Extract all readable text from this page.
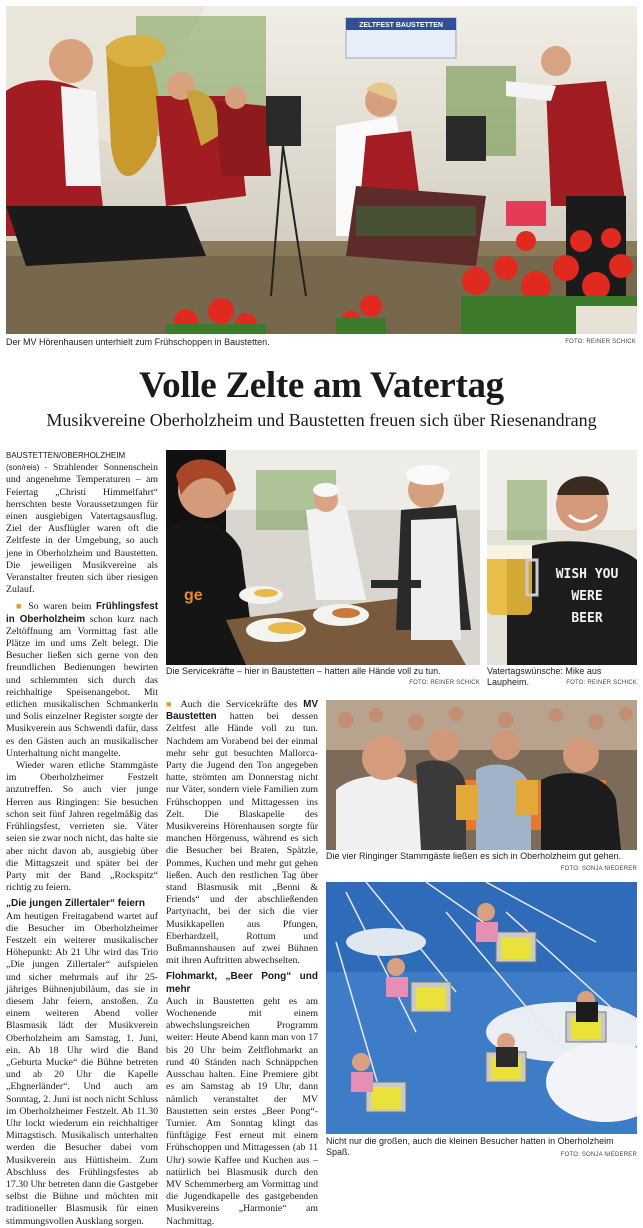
ZELTFEST BAUSTETTEN
Der MV Hörenhausen unterhielt zum Frühschoppen in Baustetten.	FOTO: REINER SCHICK
Volle Zelte am Vatertag
Musikvereine Oberholzheim und Baustetten freuen sich über Riesenandrang

BAUSTETTEN/OBERHOLZHEIM
(son/reis) - Strahlender Sonnenschein und angenehme Temperaturen – am Feiertag „Christi Himmelfahrt“ herrschten beste Voraussetzungen für einen ausgiebigen Vatertagsausflug. Ziel der Ausflügler waren oft die Zeltfeste in der Umgebung, so auch jene in Oberholzheim und Baustetten. Die jeweiligen Musikvereine als Veranstalter freuten sich über riesigen Zulauf.

■ So waren beim Frühlingsfest in Oberholzheim schon kurz nach Zeltöffnung am Vormittag fast alle Plätze im und ums Zelt belegt. Die Besucher ließen sich gerne von den freundlichen Bedienungen bewirten und schlemmten sich durch das reichhaltige Speisenangebot. Mit etlichen musikalischen Schmankerln und Solis einzelner Register sorgte der Musikverein aus Schwendi dafür, dass es den Gästen auch an musikalischer Unterhaltung nicht mangelte.

Wieder waren etliche Stammgäste im Oberholzheimer Festzelt anzutreffen. So auch vier junge Herren aus Ringingen: Sie besuchen schon seit fünf Jahren regelmäßig das Frühlingsfest, verrieten sie. Väter seien sie zwar noch nicht, das halte sie aber nicht davon ab, ausgiebig über die Mittagszeit und später bei der Party mit der Band „Rockspitz“ richtig zu feiern.

„Die jungen Zillertaler“ feiern

Am heutigen Freitagabend wartet auf die Besucher im Oberholzheimer Festzelt ein weiterer musikalischer Höhepunkt: Ab 21 Uhr wird das Trio „Die jungen Zillertaler“ aufspielen und sicher mehrmals auf ihr 25-jähriges Bühnenjubiläum, das sie in diesem Jahr feiern, anstoßen. Zu einem weiteren Abend voller Blasmusik lädt der Musikverein Oberholzheim am Samstag, 1. Juni, ein. Ab 18 Uhr wird die Band „Geburta Mucke“ die Bühne betreten und ab 20 Uhr die Kapelle „Ehgnerländer“. Und auch am Sonntag, 2. Juni ist noch nicht Schluss im Oberholzheimer Festzelt. Ab 11.30 Uhr lockt wiederum ein reichhaltiger Mittagstisch. Musikalisch unterhalten werden die Besucher dabei vom Musikverein aus Hüttisheim. Zum Abschluss des Frühlingsfestes ab 17.30 Uhr betreten dann die Gastgeber selbst die Bühne und möchten mit traditioneller Blasmusik für einen stimmungsvollen Ausklang sorgen.

ge
Die Servicekräfte – hier in Baustetten – hatten alle Hände voll zu tun.
FOTO: REINER SCHICK
WISH YOU
WERE
BEER
Vatertagswünsche: Mike aus Laupheim.	FOTO: REINER SCHICK

■ Auch die Servicekräfte des MV Baustetten hatten bei dessen Zeltfest alle Hände voll zu tun. Nachdem am Vorabend bei der einmal mehr sehr gut besuchten Mallorca-Party die Jugend den Ton angegeben hatte, strömten am Donnerstag nicht nur Väter, sondern viele Familien zum Frühschoppen und Mittagessen ins Zelt. Die Blaskapelle des Musikvereins Hörenhausen sorgte für manchen Hörgenuss, während es sich die Besucher bei Braten, Spätzle, Pommes, Kuchen und mehr gut gehen ließen. Auch den restlichen Tag über stand Blasmusik mit „Benni & Friends“ und der abschließenden Partynacht, bei der sich die vier Musikkapellen aus Pfungen, Eberhardzell, Rottum und Bußmannshausen auf zwei Bühnen mit ihren Auftritten abwechselten.

Flohmarkt, „Beer Pong“ und mehr

Auch in Baustetten geht es am Wochenende mit einem abwechslungsreichen Programm weiter: Heute Abend kann man von 17 bis 20 Uhr beim Zeltflohmarkt an rund 40 Ständen nach Schnäppchen Ausschau halten. Eine Premiere gibt es am Samstag ab 19 Uhr, dann nämlich veranstaltet der MV Baustetten sein erstes „Beer Pong“-Turnier. Am Sonntag klingt das fünftägige Fest erneut mit einem Frühschoppen und Mittagessen (ab 11 Uhr) sowie Kaffee und Kuchen aus – natürlich bei Blasmusik durch den MV Schemmerberg am Vormittag und die Jugendkapelle des gastgebenden Musikvereins „Harmonie“ am Nachmittag.

Die vier Ringinger Stammgäste ließen es sich in Oberholzheim gut gehen.
FOTO: SONJA NIEDERER
Nicht nur die großen, auch die kleinen Besucher hatten in Oberholzheim Spaß.	FOTO: SONJA NIEDERER
